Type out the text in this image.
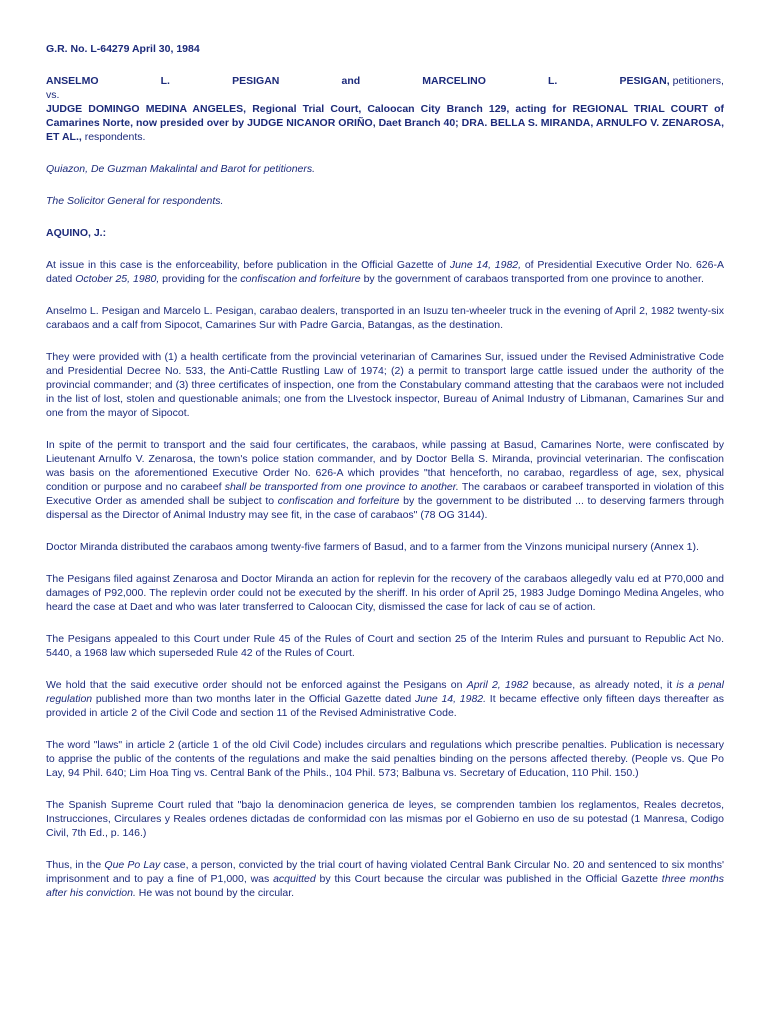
G.R. No. L-64279 April 30, 1984

ANSELMO	L.	PESIGAN	and	MARCELINO	L.	PESIGAN, petitioners,
vs.
JUDGE DOMINGO MEDINA ANGELES, Regional Trial Court, Caloocan City Branch 129, acting for REGIONAL TRIAL COURT of Camarines Norte, now presided over by JUDGE NICANOR ORIÑO, Daet Branch 40; DRA. BELLA S. MIRANDA, ARNULFO V. ZENAROSA, ET AL., respondents.

Quiazon, De Guzman Makalintal and Barot for petitioners.

The Solicitor General for respondents.

AQUINO, J.:

At issue in this case is the enforceability, before publication in the Official Gazette of June 14, 1982, of Presidential Executive Order No. 626-A dated October 25, 1980, providing for the confiscation and forfeiture by the government of carabaos transported from one province to another.

Anselmo L. Pesigan and Marcelo L. Pesigan, carabao dealers, transported in an Isuzu ten-wheeler truck in the evening of April 2, 1982 twenty-six carabaos and a calf from Sipocot, Camarines Sur with Padre Garcia, Batangas, as the destination.

They were provided with (1) a health certificate from the provincial veterinarian of Camarines Sur, issued under the Revised Administrative Code and Presidential Decree No. 533, the Anti-Cattle Rustling Law of 1974; (2) a permit to transport large cattle issued under the authority of the provincial commander; and (3) three certificates of inspection, one from the Constabulary command attesting that the carabaos were not included in the list of lost, stolen and questionable animals; one from the LIvestock inspector, Bureau of Animal Industry of Libmanan, Camarines Sur and one from the mayor of Sipocot.

In spite of the permit to transport and the said four certificates, the carabaos, while passing at Basud, Camarines Norte, were confiscated by Lieutenant Arnulfo V. Zenarosa, the town's police station commander, and by Doctor Bella S. Miranda, provincial veterinarian. The confiscation was basis on the aforementioned Executive Order No. 626-A which provides "that henceforth, no carabao, regardless of age, sex, physical condition or purpose and no carabeef shall be transported from one province to another. The carabaos or carabeef transported in violation of this Executive Order as amended shall be subject to confiscation and forfeiture by the government to be distributed ... to deserving farmers through dispersal as the Director of Animal Industry may see fit, in the case of carabaos" (78 OG 3144).

Doctor Miranda distributed the carabaos among twenty-five farmers of Basud, and to a farmer from the Vinzons municipal nursery (Annex 1).

The Pesigans filed against Zenarosa and Doctor Miranda an action for replevin for the recovery of the carabaos allegedly valu ed at P70,000 and damages of P92,000. The replevin order could not be executed by the sheriff. In his order of April 25, 1983 Judge Domingo Medina Angeles, who heard the case at Daet and who was later transferred to Caloocan City, dismissed the case for lack of cau se of action.

The Pesigans appealed to this Court under Rule 45 of the Rules of Court and section 25 of the Interim Rules and pursuant to Republic Act No. 5440, a 1968 law which superseded Rule 42 of the Rules of Court.

We hold that the said executive order should not be enforced against the Pesigans on April 2, 1982 because, as already noted, it is a penal regulation published more than two months later in the Official Gazette dated June 14, 1982. It became effective only fifteen days thereafter as provided in article 2 of the Civil Code and section 11 of the Revised Administrative Code.

The word "laws" in article 2 (article 1 of the old Civil Code) includes circulars and regulations which prescribe penalties. Publication is necessary to apprise the public of the contents of the regulations and make the said penalties binding on the persons affected thereby. (People vs. Que Po Lay, 94 Phil. 640; Lim Hoa Ting vs. Central Bank of the Phils., 104 Phil. 573; Balbuna vs. Secretary of Education, 110 Phil. 150.)

The Spanish Supreme Court ruled that "bajo la denominacion generica de leyes, se comprenden tambien los reglamentos, Reales decretos, Instrucciones, Circulares y Reales ordenes dictadas de conformidad con las mismas por el Gobierno en uso de su potestad (1 Manresa, Codigo Civil, 7th Ed., p. 146.)

Thus, in the Que Po Lay case, a person, convicted by the trial court of having violated Central Bank Circular No. 20 and sentenced to six months' imprisonment and to pay a fine of P1,000, was acquitted by this Court because the circular was published in the Official Gazette three months after his conviction. He was not bound by the circular.
